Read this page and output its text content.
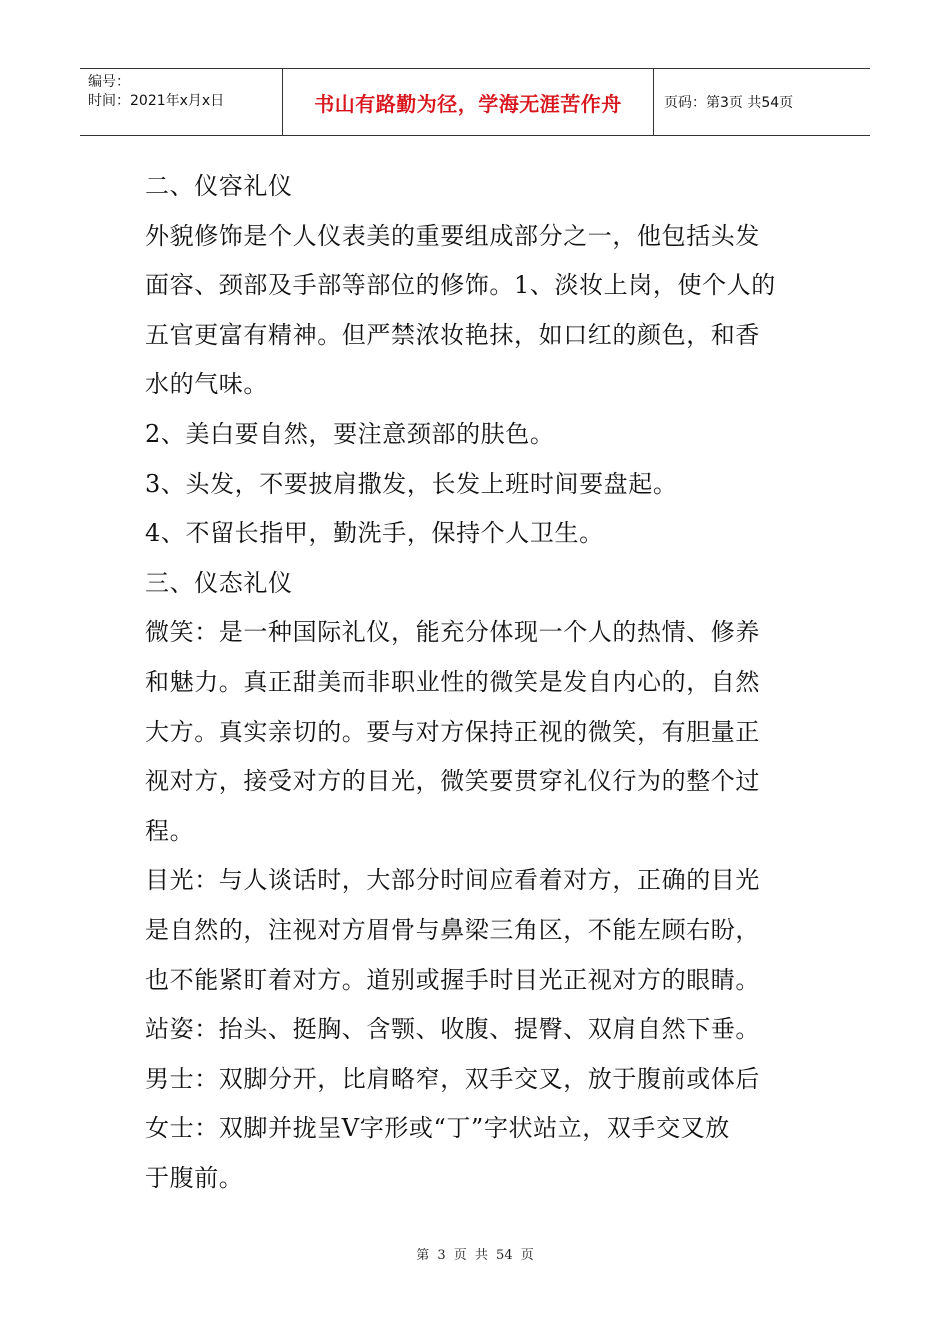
编号：
时间：2021年x月x日	书山有路勤为径，学海无涯苦作舟	页码：第3页 共54页
二、仪容礼仪
外貌修饰是个人仪表美的重要组成部分之一，他包括头发
面容、颈部及手部等部位的修饰。1、淡妆上岗，使个人的
五官更富有精神。但严禁浓妆艳抹，如口红的颜色，和香
水的气味。
2、美白要自然，要注意颈部的肤色。
3、头发，不要披肩撒发，长发上班时间要盘起。
4、不留长指甲，勤洗手，保持个人卫生。
三、仪态礼仪
微笑：是一种国际礼仪，能充分体现一个人的热情、修养
和魅力。真正甜美而非职业性的微笑是发自内心的，自然
大方。真实亲切的。要与对方保持正视的微笑，有胆量正
视对方，接受对方的目光，微笑要贯穿礼仪行为的整个过
程。
目光：与人谈话时，大部分时间应看着对方，正确的目光
是自然的，注视对方眉骨与鼻梁三角区，不能左顾右盼，
也不能紧盯着对方。道别或握手时目光正视对方的眼睛。
站姿：抬头、挺胸、含颚、收腹、提臀、双肩自然下垂。
男士：双脚分开，比肩略窄，双手交叉，放于腹前或体后
女士：双脚并拢呈V字形或“丁”字状站立，双手交叉放
于腹前。
第 3 页 共 54 页
